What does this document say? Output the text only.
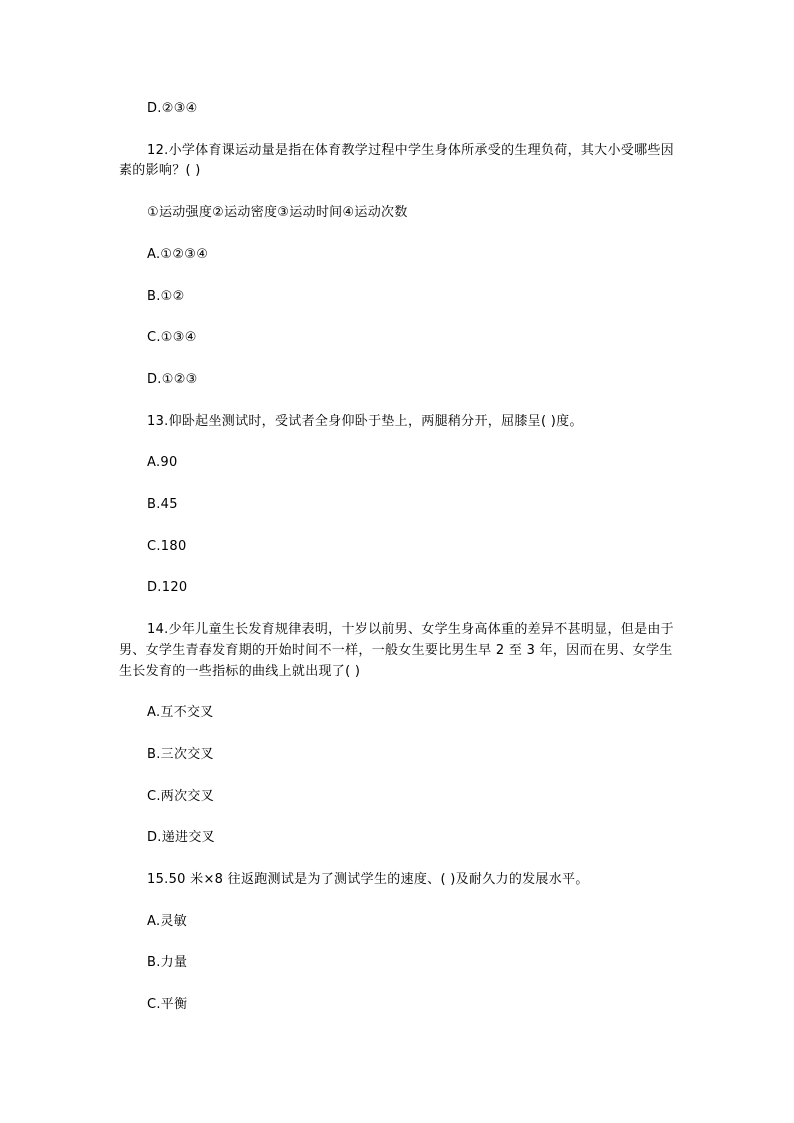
D.②③④

12.小学体育课运动量是指在体育教学过程中学生身体所承受的生理负荷，其大小受哪些因素的影响？( )

①运动强度②运动密度③运动时间④运动次数

A.①②③④

B.①②

C.①③④

D.①②③

13.仰卧起坐测试时，受试者全身仰卧于垫上，两腿稍分开，屈膝呈( )度。

A.90

B.45

C.180

D.120

14.少年儿童生长发育规律表明，十岁以前男、女学生身高体重的差异不甚明显，但是由于男、女学生青春发育期的开始时间不一样，一般女生要比男生早 2 至 3 年，因而在男、女学生生长发育的一些指标的曲线上就出现了( )

A.互不交叉

B.三次交叉

C.两次交叉

D.递进交叉

15.50 米×8 往返跑测试是为了测试学生的速度、( )及耐久力的发展水平。

A.灵敏

B.力量

C.平衡
